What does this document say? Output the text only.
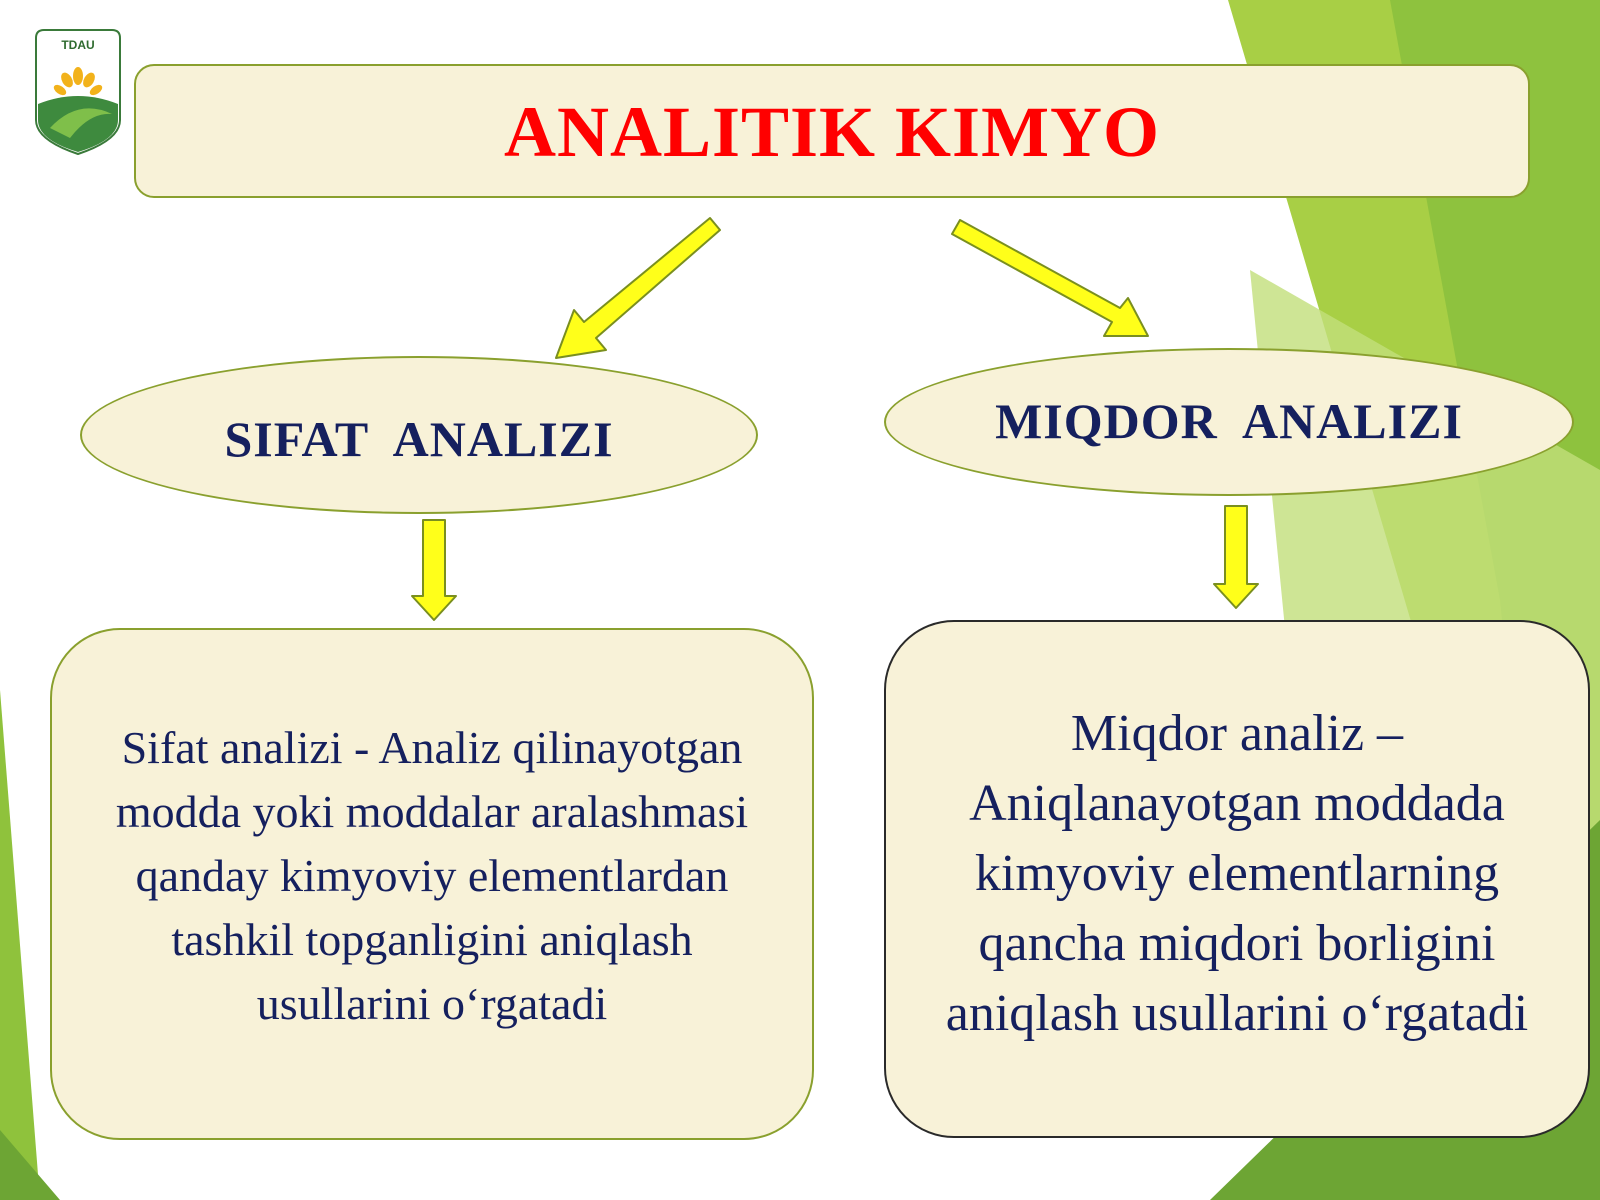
TDAU
ANALITIK KIMYO
SIFAT  ANALIZI	MIQDOR  ANALIZI
Sifat analizi - Analiz qilinayotgan modda yoki moddalar aralashmasi qanday kimyoviy elementlardan tashkil topganligini aniqlash usullarini o‘rgatadi
Miqdor analiz – Aniqlanayotgan moddada kimyoviy elementlarning qancha miqdori borligini aniqlash usullarini o‘rgatadi
